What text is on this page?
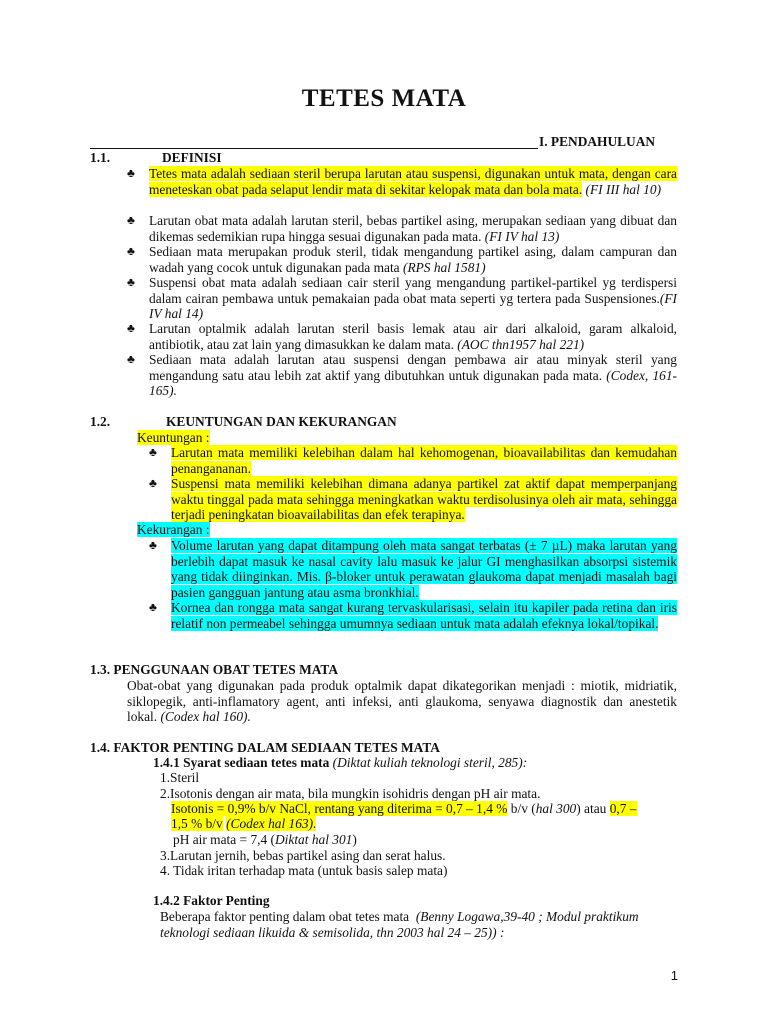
TETES MATA
I. PENDAHULUAN
1.1.	DEFINISI
♣ Tetes mata adalah sediaan steril berupa larutan atau suspensi, digunakan untuk mata, dengan cara meneteskan obat pada selaput lendir mata di sekitar kelopak mata dan bola mata. (FI III hal 10)
♣ Larutan obat mata adalah larutan steril, bebas partikel asing, merupakan sediaan yang dibuat dan dikemas sedemikian rupa hingga sesuai digunakan pada mata. (FI IV hal 13)
♣ Sediaan mata merupakan produk steril, tidak mengandung partikel asing, dalam campuran dan wadah yang cocok untuk digunakan pada mata (RPS hal 1581)
♣ Suspensi obat mata adalah sediaan cair steril yang mengandung partikel-partikel yg terdispersi dalam cairan pembawa untuk pemakaian pada obat mata seperti yg tertera pada Suspensiones.(FI IV hal 14)
♣ Larutan optalmik adalah larutan steril basis lemak atau air dari alkaloid, garam alkaloid, antibiotik, atau zat lain yang dimasukkan ke dalam mata. (AOC thn1957 hal 221)
♣ Sediaan mata adalah larutan atau suspensi dengan pembawa air atau minyak steril yang mengandung satu atau lebih zat aktif yang dibutuhkan untuk digunakan pada mata. (Codex, 161-165).
1.2.	KEUNTUNGAN DAN KEKURANGAN
Keuntungan :
♣ Larutan mata memiliki kelebihan dalam hal kehomogenan, bioavailabilitas dan kemudahan penangananan.
♣ Suspensi mata memiliki kelebihan dimana adanya partikel zat aktif dapat memperpanjang waktu tinggal pada mata sehingga meningkatkan waktu terdisolusinya oleh air mata, sehingga terjadi peningkatan bioavailabilitas dan efek terapinya.
Kekurangan :
♣ Volume larutan yang dapat ditampung oleh mata sangat terbatas (± 7 µL) maka larutan yang berlebih dapat masuk ke nasal cavity lalu masuk ke jalur GI menghasilkan absorpsi sistemik yang tidak diinginkan. Mis. β-bloker untuk perawatan glaukoma dapat menjadi masalah bagi pasien gangguan jantung atau asma bronkhial.
♣ Kornea dan rongga mata sangat kurang tervaskularisasi, selain itu kapiler pada retina dan iris relatif non permeabel sehingga umumnya sediaan untuk mata adalah efeknya lokal/topikal.
1.3. PENGGUNAAN OBAT TETES MATA
Obat-obat yang digunakan pada produk optalmik dapat dikategorikan menjadi : miotik, midriatik, siklopegik, anti-inflamatory agent, anti infeksi, anti glaukoma, senyawa diagnostik dan anestetik lokal. (Codex hal 160).
1.4. FAKTOR PENTING DALAM SEDIAAN TETES MATA
1.4.1 Syarat sediaan tetes mata (Diktat kuliah teknologi steril, 285):
1.Steril
2.Isotonis dengan air mata, bila mungkin isohidris dengan pH air mata.
Isotonis = 0,9% b/v NaCl, rentang yang diterima = 0,7 – 1,4 % b/v (hal 300) atau 0,7 –
1,5 % b/v (Codex hal 163).
pH air mata = 7,4 (Diktat hal 301)
3.Larutan jernih, bebas partikel asing dan serat halus.
4. Tidak iritan terhadap mata (untuk basis salep mata)
1.4.2 Faktor Penting
Beberapa faktor penting dalam obat tetes mata (Benny Logawa,39-40 ; Modul praktikum teknologi sediaan likuida & semisolida, thn 2003 hal 24 – 25)) :
1
